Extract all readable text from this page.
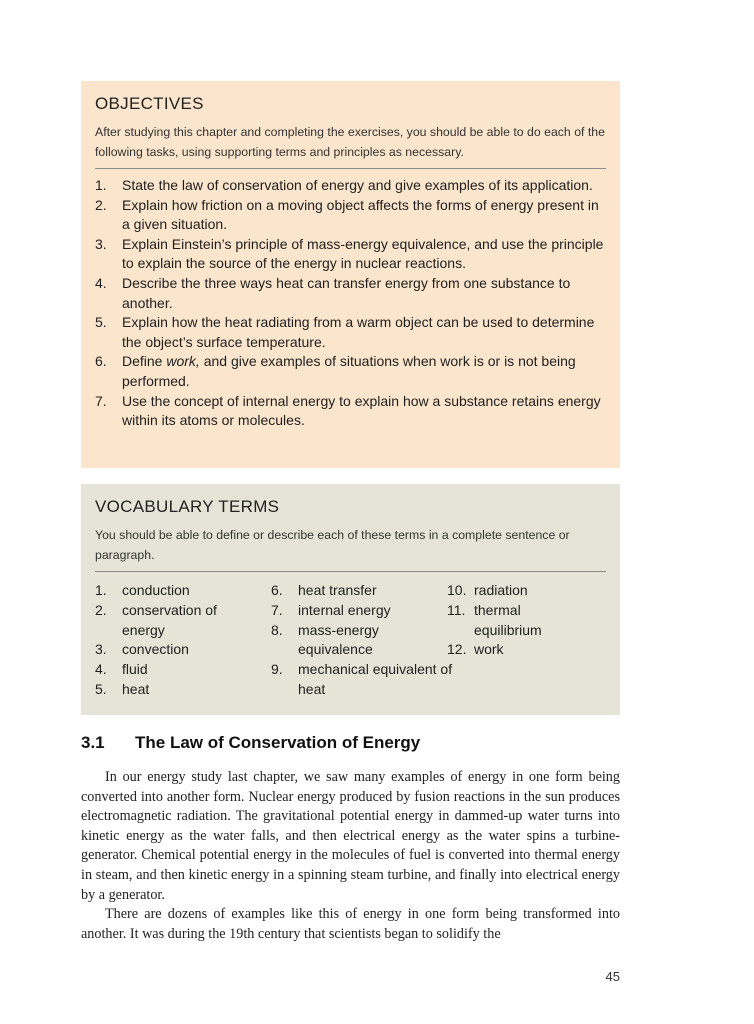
OBJECTIVES
After studying this chapter and completing the exercises, you should be able to do each of the following tasks, using supporting terms and principles as necessary.
1. State the law of conservation of energy and give examples of its application.
2. Explain how friction on a moving object affects the forms of energy present in a given situation.
3. Explain Einstein’s principle of mass-energy equivalence, and use the principle to explain the source of the energy in nuclear reactions.
4. Describe the three ways heat can transfer energy from one substance to another.
5. Explain how the heat radiating from a warm object can be used to determine the object’s surface temperature.
6. Define work, and give examples of situations when work is or is not being performed.
7. Use the concept of internal energy to explain how a substance retains energy within its atoms or molecules.
VOCABULARY TERMS
You should be able to define or describe each of these terms in a complete sentence or paragraph.
1. conduction
2. conservation of energy
3. convection
4. fluid
5. heat
6. heat transfer
7. internal energy
8. mass-energy equivalence
9. mechanical equivalent of heat
10. radiation
11. thermal equilibrium
12. work
3.1 The Law of Conservation of Energy

In our energy study last chapter, we saw many examples of energy in one form being converted into another form. Nuclear energy produced by fusion reactions in the sun produces electromagnetic radiation. The gravitational potential energy in dammed-up water turns into kinetic energy as the water falls, and then electrical energy as the water spins a turbine-generator. Chemical potential energy in the molecules of fuel is converted into thermal energy in steam, and then kinetic energy in a spinning steam turbine, and finally into electrical energy by a generator.

There are dozens of examples like this of energy in one form being transformed into another. It was during the 19th century that scientists began to solidify the

45
